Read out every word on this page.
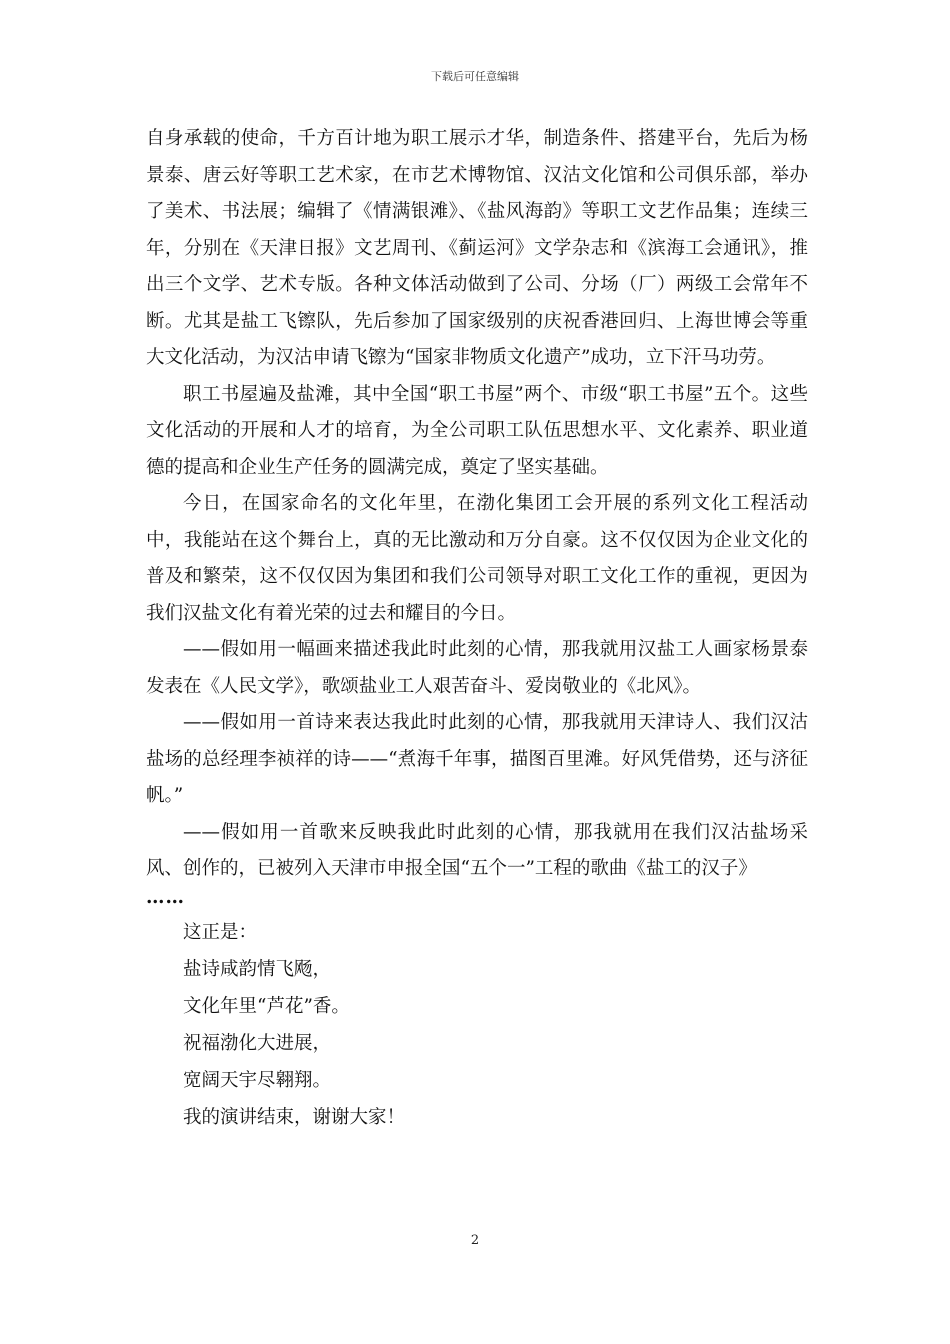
下载后可任意编辑

自身承载的使命，千方百计地为职工展示才华，制造条件、搭建平台，先后为杨景泰、唐云好等职工艺术家，在市艺术博物馆、汉沽文化馆和公司俱乐部，举办了美术、书法展；编辑了《情满银滩》、《盐风海韵》等职工文艺作品集；连续三年，分别在《天津日报》文艺周刊、《蓟运河》文学杂志和《滨海工会通讯》，推出三个文学、艺术专版。各种文体活动做到了公司、分场（厂）两级工会常年不断。尤其是盐工飞镲队，先后参加了国家级别的庆祝香港回归、上海世博会等重大文化活动，为汉沽申请飞镲为“国家非物质文化遗产”成功，立下汗马功劳。

职工书屋遍及盐滩，其中全国“职工书屋”两个、市级“职工书屋”五个。这些文化活动的开展和人才的培育，为全公司职工队伍思想水平、文化素养、职业道德的提高和企业生产任务的圆满完成，奠定了坚实基础。

今日，在国家命名的文化年里，在渤化集团工会开展的系列文化工程活动中，我能站在这个舞台上，真的无比激动和万分自豪。这不仅仅因为企业文化的普及和繁荣，这不仅仅因为集团和我们公司领导对职工文化工作的重视，更因为我们汉盐文化有着光荣的过去和耀目的今日。

——假如用一幅画来描述我此时此刻的心情，那我就用汉盐工人画家杨景泰发表在《人民文学》，歌颂盐业工人艰苦奋斗、爱岗敬业的《北风》。

——假如用一首诗来表达我此时此刻的心情，那我就用天津诗人、我们汉沽盐场的总经理李祯祥的诗——“煮海千年事，描图百里滩。好风凭借势，还与济征帆。”

——假如用一首歌来反映我此时此刻的心情，那我就用在我们汉沽盐场采风、创作的，已被列入天津市申报全国“五个一”工程的歌曲《盐工的汉子》

……

这正是：

盐诗咸韵情飞飏，

文化年里“芦花”香。

祝福渤化大进展，

宽阔天宇尽翱翔。

我的演讲结束，谢谢大家！

2
